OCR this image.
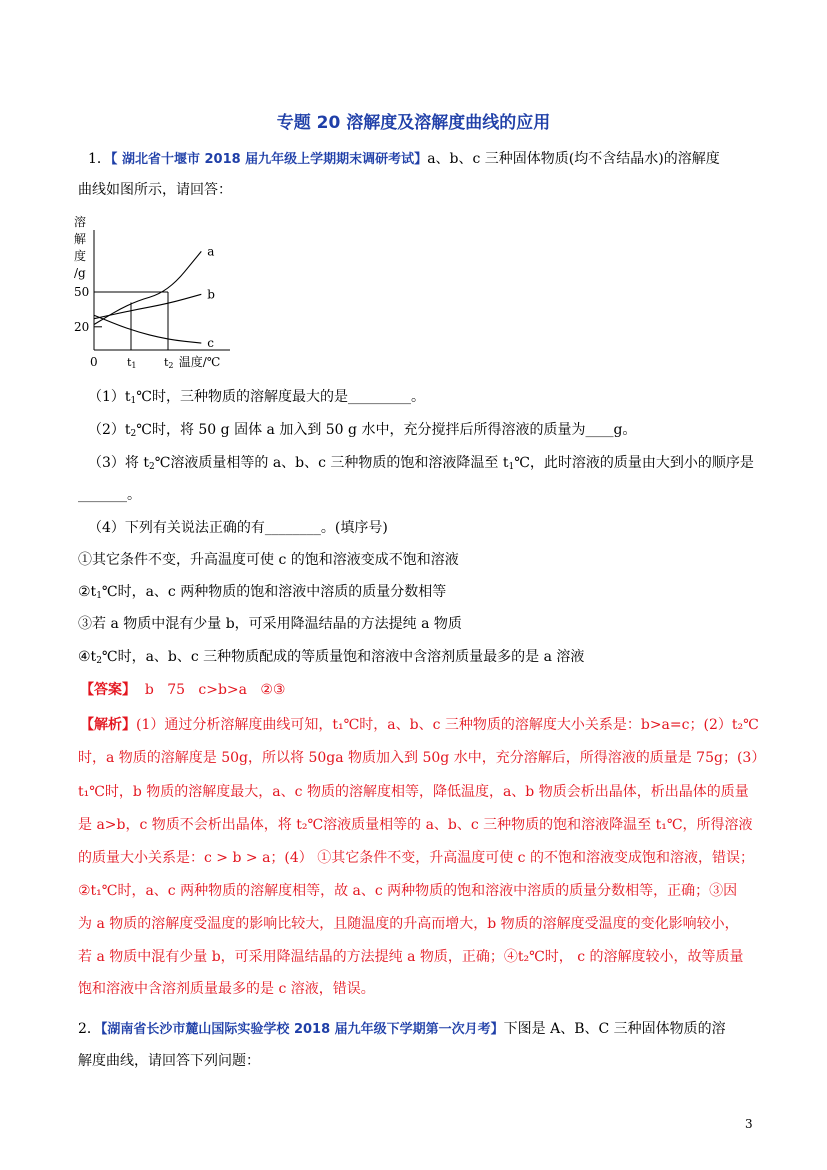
专题 20 溶解度及溶解度曲线的应用
1．【 湖北省十堰市 2018 届九年级上学期期末调研考试】a、b、c 三种固体物质(均不含结晶水)的溶解度
曲线如图所示，请回答：
溶
解
度
/g
20
50
0	t1 t2 温度/℃
a
b
c
$(1)t_1℃$时，三种物质的溶解度最大的是_________。
$(2)t_2℃$时，将 50 g 固体 a 加入到 50 g 水中，充分搅拌后所得溶液的质量为____g。
（3）将 $t_2℃$溶液质量相等的 a、b、c 三种物质的饱和溶液降温至 $t_1℃$，此时溶液的质量由大到小的顺序是
_______。
（4）下列有关说法正确的有________。(填序号)
①其它条件不变，升高温度可使 c 的饱和溶液变成不饱和溶液
$②t_1℃$时，a、c 两种物质的饱和溶液中溶质的质量分数相等
③若 a 物质中混有少量 b，可采用降温结晶的方法提纯 a 物质
$④t_2℃$时，a、b、c 三种物质配成的等质量饱和溶液中含溶剂质量最多的是 a 溶液
【答案】 b   75   c>b>a   ②③
【解析】(1）通过分析溶解度曲线可知，t₁℃时，a、b、c 三种物质的溶解度大小关系是：b>a=c；(2）t₂℃
时，a 物质的溶解度是 50g，所以将 50ga 物质加入到 50g 水中，充分溶解后，所得溶液的质量是 75g；(3）
t₁℃时，b 物质的溶解度最大，a、c 物质的溶解度相等，降低温度，a、b 物质会析出晶体，析出晶体的质量
是 a>b，c 物质不会析出晶体，将 t₂℃溶液质量相等的 a、b、c 三种物质的饱和溶液降温至 t₁℃，所得溶液
的质量大小关系是：c > b > a；(4） ①其它条件不变，升高温度可使 c 的不饱和溶液变成饱和溶液，错误；
②t₁℃时，a、c 两种物质的溶解度相等，故 a、c 两种物质的饱和溶液中溶质的质量分数相等，正确；③因
为 a 物质的溶解度受温度的影响比较大，且随温度的升高而增大，b 物质的溶解度受温度的变化影响较小，
若 a 物质中混有少量 b，可采用降温结晶的方法提纯 a 物质，正确；④t₂℃时， c 的溶解度较小，故等质量
饱和溶液中含溶剂质量最多的是 c 溶液，错误。
2．【湖南省长沙市麓山国际实验学校 2018 届九年级下学期第一次月考】下图是 A、B、C 三种固体物质的溶
解度曲线，请回答下列问题：
3
